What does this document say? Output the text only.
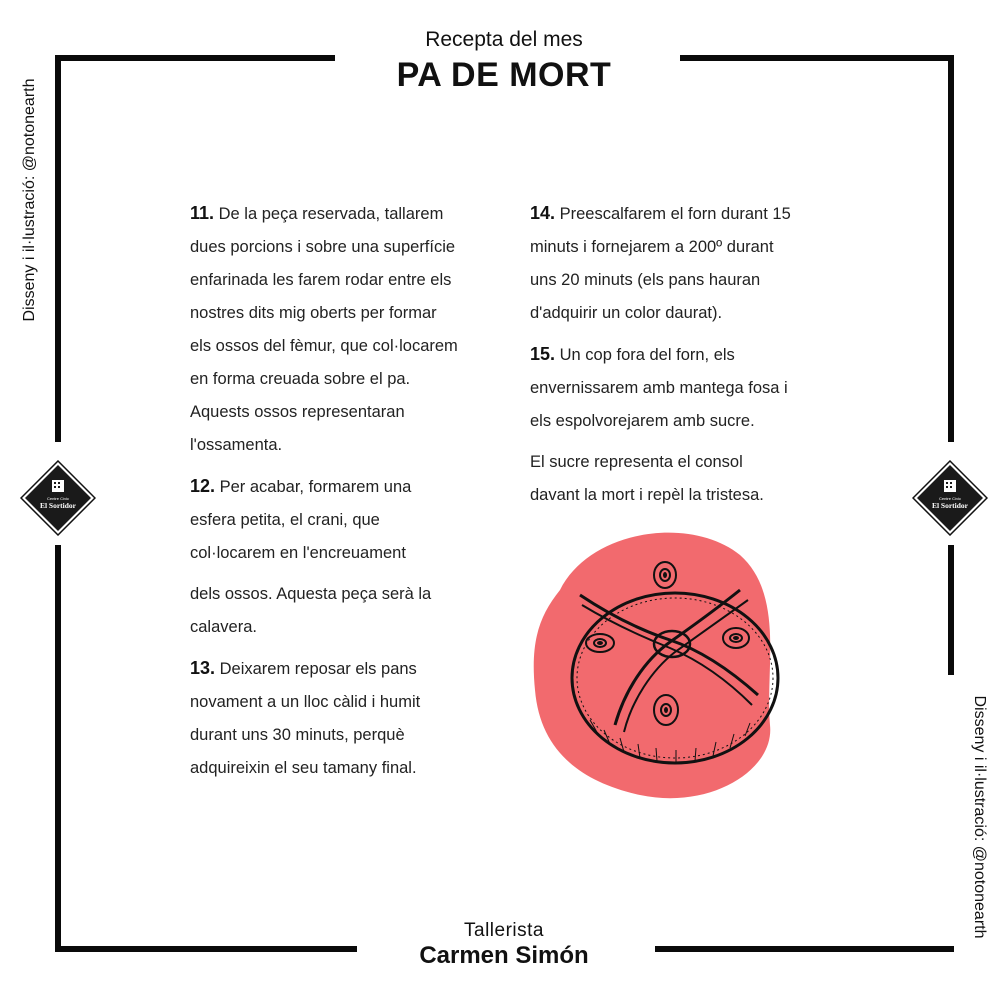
Recepta del mes
PA DE MORT
Disseny i il·lustració: @notonearth
Disseny i il·lustració: @notonearth
Centre Cívic
El Sortidor
Centre Cívic
El Sortidor

11. De la peça reservada, tallarem

dues porcions i sobre una superfície

enfarinada les farem rodar entre els

nostres dits mig oberts per formar

els ossos del fèmur, que col·locarem

en forma creuada sobre el pa.

Aquests ossos representaran

l'ossamenta.

12. Per acabar, formarem una

esfera petita, el crani, que

col·locarem en l'encreuament

dels ossos. Aquesta peça serà la

calavera.

13. Deixarem reposar els pans

novament a un lloc càlid i humit

durant uns 30 minuts, perquè

adquireixin el seu tamany final.

14. Preescalfarem el forn durant 15

minuts i fornejarem a 200º durant

uns 20 minuts (els pans hauran

d'adquirir un color daurat).

15. Un cop fora del forn, els

envernissarem amb mantega fosa i

els espolvorejarem amb sucre.

El sucre representa el consol

davant la mort i repèl la tristesa.

Tallerista
Carmen Simón
